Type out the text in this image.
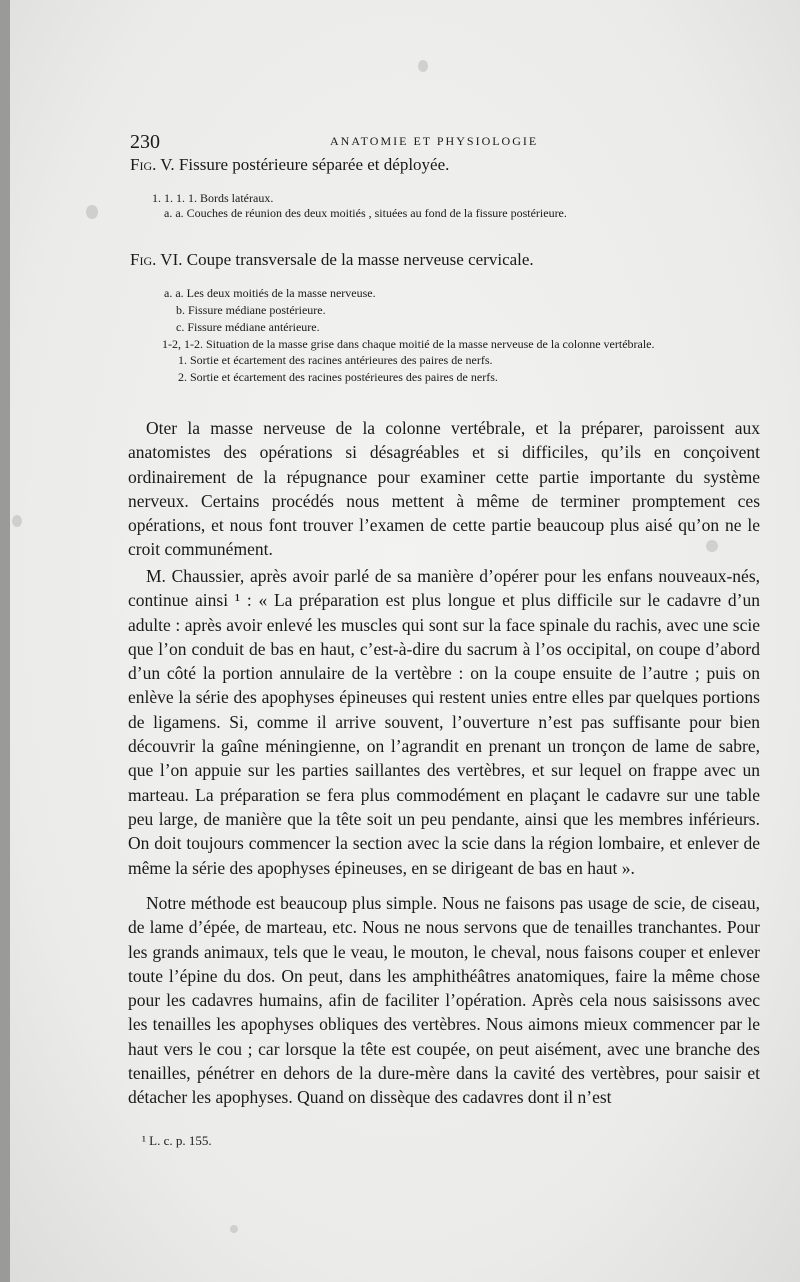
230	ANATOMIE ET PHYSIOLOGIE
Fig. V. Fissure postérieure séparée et déployée.
1. 1. 1. 1. Bords latéraux.
a. a. Couches de réunion des deux moitiés , situées au fond de la fissure postérieure.
Fig. VI. Coupe transversale de la masse nerveuse cervicale.
a. a. Les deux moitiés de la masse nerveuse.
b. Fissure médiane postérieure.
c. Fissure médiane antérieure.
1-2, 1-2. Situation de la masse grise dans chaque moitié de la masse nerveuse de la colonne vertébrale.
1. Sortie et écartement des racines antérieures des paires de nerfs.
2. Sortie et écartement des racines postérieures des paires de nerfs.

Oter la masse nerveuse de la colonne vertébrale, et la préparer, paroissent aux anatomistes des opérations si désagréables et si difficiles, qu’ils en conçoivent ordinairement de la répugnance pour examiner cette partie importante du système nerveux. Certains procédés nous mettent à même de terminer promptement ces opérations, et nous font trouver l’examen de cette partie beaucoup plus aisé qu’on ne le croit communément.

M. Chaussier, après avoir parlé de sa manière d’opérer pour les enfans nouveaux-nés, continue ainsi ¹ : « La préparation est plus longue et plus difficile sur le cadavre d’un adulte : après avoir enlevé les muscles qui sont sur la face spinale du rachis, avec une scie que l’on conduit de bas en haut, c’est-à-dire du sacrum à l’os occipital, on coupe d’abord d’un côté la portion annulaire de la vertèbre : on la coupe ensuite de l’autre ; puis on enlève la série des apophyses épineuses qui restent unies entre elles par quelques portions de ligamens. Si, comme il arrive souvent, l’ouverture n’est pas suffisante pour bien découvrir la gaîne méningienne, on l’agrandit en prenant un tronçon de lame de sabre, que l’on appuie sur les parties saillantes des vertèbres, et sur lequel on frappe avec un marteau. La préparation se fera plus commodément en plaçant le cadavre sur une table peu large, de manière que la tête soit un peu pendante, ainsi que les membres inférieurs. On doit toujours commencer la section avec la scie dans la région lombaire, et enlever de même la série des apophyses épineuses, en se dirigeant de bas en haut ».

Notre méthode est beaucoup plus simple. Nous ne faisons pas usage de scie, de ciseau, de lame d’épée, de marteau, etc. Nous ne nous servons que de tenailles tranchantes. Pour les grands animaux, tels que le veau, le mouton, le cheval, nous faisons couper et enlever toute l’épine du dos. On peut, dans les amphithéâtres anatomiques, faire la même chose pour les cadavres humains, afin de faciliter l’opération. Après cela nous saisissons avec les tenailles les apophyses obliques des vertèbres. Nous aimons mieux commencer par le haut vers le cou ; car lorsque la tête est coupée, on peut aisément, avec une branche des tenailles, pénétrer en dehors de la dure-mère dans la cavité des vertèbres, pour saisir et détacher les apophyses. Quand on dissèque des cadavres dont il n’est

¹ L. c. p. 155.
